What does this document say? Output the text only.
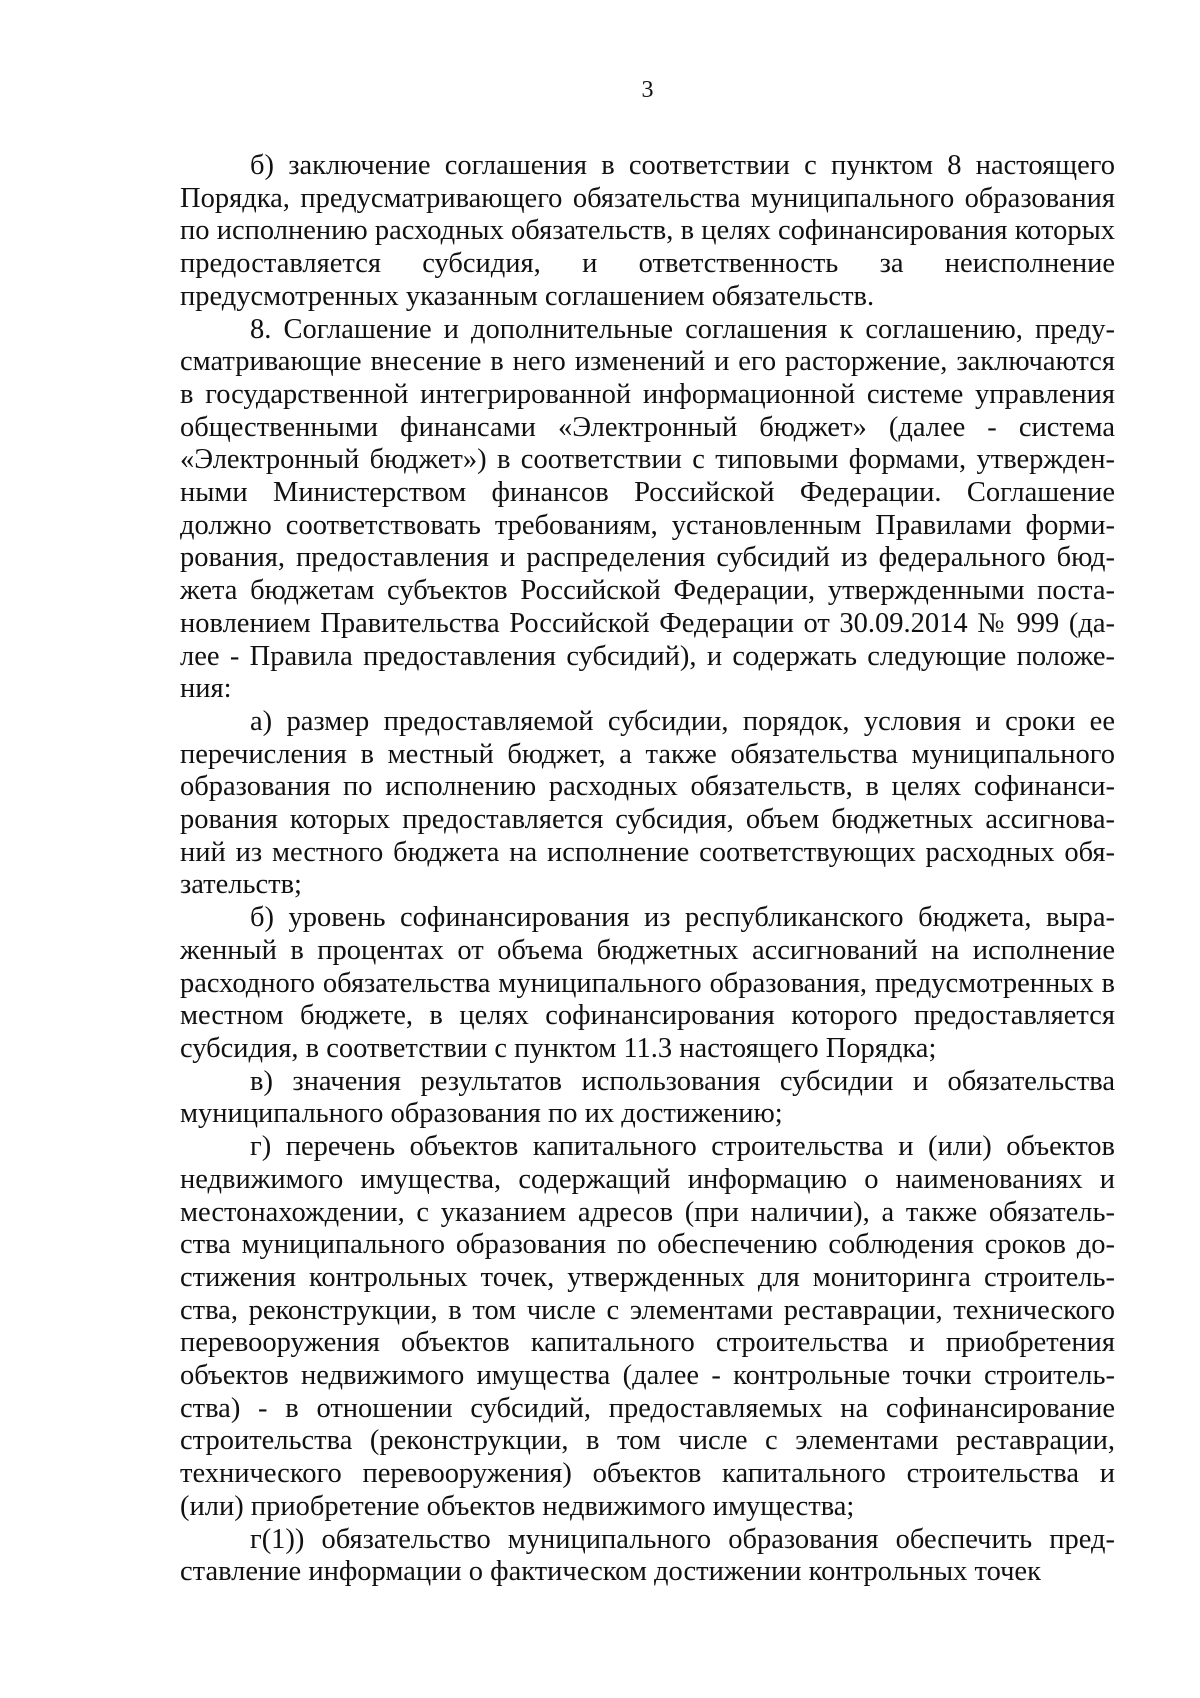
3

б) заключение соглашения в соответствии с пунктом 8 настоящего Порядка, предусматривающего обязательства муниципального образования по исполнению расходных обязательств, в целях софинансирования которых предоставляется субсидия, и ответственность за неисполнение предусмотренных указанным соглашением обязательств.

8. Соглашение и дополнительные соглашения к соглашению, предусматривающие внесение в него изменений и его расторжение, заключаются в государственной интегрированной информационной системе управления общественными финансами «Электронный бюджет» (далее - система «Электронный бюджет») в соответствии с типовыми формами, утвержденными Министерством финансов Российской Федерации. Соглашение должно соответствовать требованиям, установленным Правилами формирования, предоставления и распределения субсидий из федерального бюджета бюджетам субъектов Российской Федерации, утвержденными постановлением Правительства Российской Федерации от 30.09.2014 № 999 (далее - Правила предоставления субсидий), и содержать следующие положения:

а) размер предоставляемой субсидии, порядок, условия и сроки ее перечисления в местный бюджет, а также обязательства муниципального образования по исполнению расходных обязательств, в целях софинансирования которых предоставляется субсидия, объем бюджетных ассигнований из местного бюджета на исполнение соответствующих расходных обязательств;

б) уровень софинансирования из республиканского бюджета, выраженный в процентах от объема бюджетных ассигнований на исполнение расходного обязательства муниципального образования, предусмотренных в местном бюджете, в целях софинансирования которого предоставляется субсидия, в соответствии с пунктом 11.3 настоящего Порядка;

в) значения результатов использования субсидии и обязательства муниципального образования по их достижению;

г) перечень объектов капитального строительства и (или) объектов недвижимого имущества, содержащий информацию о наименованиях и местонахождении, с указанием адресов (при наличии), а также обязательства муниципального образования по обеспечению соблюдения сроков достижения контрольных точек, утвержденных для мониторинга строительства, реконструкции, в том числе с элементами реставрации, технического перевооружения объектов капитального строительства и приобретения объектов недвижимого имущества (далее - контрольные точки строительства) - в отношении субсидий, предоставляемых на софинансирование строительства (реконструкции, в том числе с элементами реставрации, технического перевооружения) объектов капитального строительства и (или) приобретение объектов недвижимого имущества;

г(1)) обязательство муниципального образования обеспечить представление информации о фактическом достижении контрольных точек
